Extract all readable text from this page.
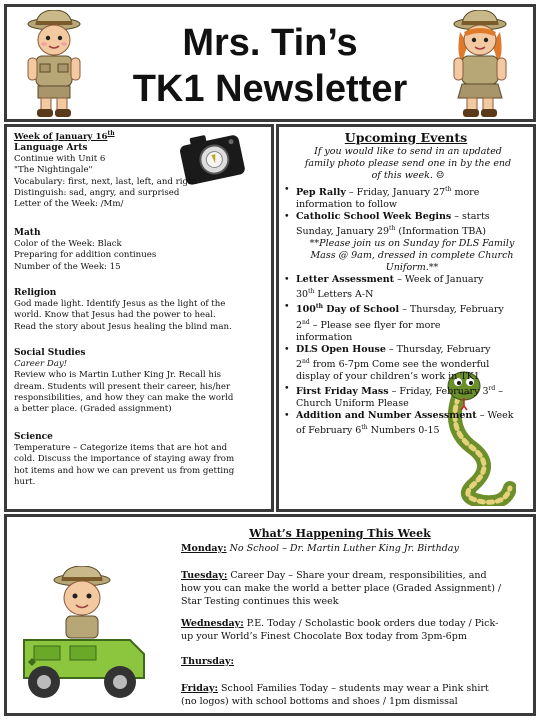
Mrs. Tin’s
TK1 Newsletter
Week of January 16th
Language Arts
Continue with Unit 6
"The Nightingale"
Vocabulary: first, next, last, left, and right
Distinguish: sad, angry, and surprised
Letter of the Week: /Mm/
Math
Color of the Week: Black
Preparing for addition continues
Number of the Week: 15
Religion
God made light. Identify Jesus as the light of the
world. Know that Jesus had the power to heal.
Read the story about Jesus healing the blind man.
Social Studies
Career Day!
Review who is Martin Luther King Jr. Recall his
dream. Students will present their career, his/her
responsibilities, and how they can make the world
a better place. (Graded assignment)
Science
Temperature – Categorize items that are hot and
cold. Discuss the importance of staying away from
hot items and how we can prevent us from getting
hurt.
Upcoming Events
If you would like to send in an updated
family photo please send one in by the end
of this week. ☺
• Pep Rally – Friday, January 27th more
information to follow
• Catholic School Week Begins – starts
Sunday, January 29th (Information TBA)
**Please join us on Sunday for DLS Family
Mass @ 9am, dressed in complete Church
Uniform.**
• Letter Assessment – Week of January
30th Letters A-N
• 100th Day of School – Thursday, February
2nd – Please see flyer for more
information
• DLS Open House – Thursday, February
2nd from 6-7pm Come see the wonderful
display of your children’s work in TK1
• First Friday Mass – Friday, February 3rd –
Church Uniform Please
• Addition and Number Assessment – Week
of February 6th Numbers 0-15
What’s Happening This Week
Monday: No School – Dr. Martin Luther King Jr. Birthday
Tuesday: Career Day – Share your dream, responsibilities, and
how you can make the world a better place (Graded Assignment) /
Star Testing continues this week
Wednesday: P.E. Today / Scholastic book orders due today / Pick-
up your World’s Finest Chocolate Box today from 3pm-6pm
Thursday:
Friday: School Families Today – students may wear a Pink shirt
(no logos) with school bottoms and shoes / 1pm dismissal
